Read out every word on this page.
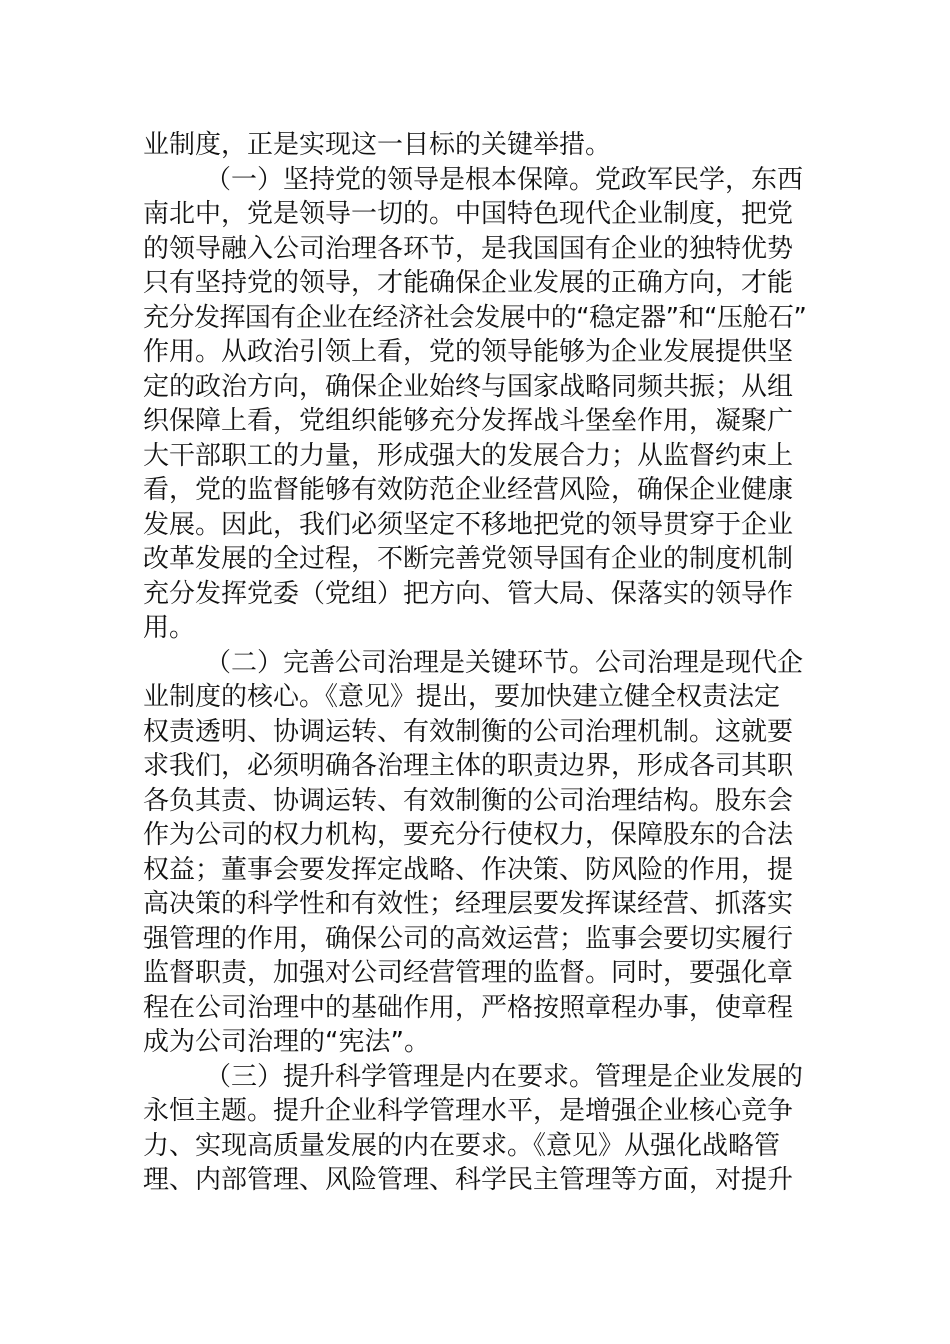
业制度，正是实现这一目标的关键举措。
（一）坚持党的领导是根本保障。党政军民学，东西
南北中，党是领导一切的。中国特色现代企业制度，把党
的领导融入公司治理各环节，是我国国有企业的独特优势
只有坚持党的领导，才能确保企业发展的正确方向，才能
充分发挥国有企业在经济社会发展中的“稳定器”和“压舱石”
作用。从政治引领上看，党的领导能够为企业发展提供坚
定的政治方向，确保企业始终与国家战略同频共振；从组
织保障上看，党组织能够充分发挥战斗堡垒作用，凝聚广
大干部职工的力量，形成强大的发展合力；从监督约束上
看，党的监督能够有效防范企业经营风险，确保企业健康
发展。因此，我们必须坚定不移地把党的领导贯穿于企业
改革发展的全过程，不断完善党领导国有企业的制度机制
充分发挥党委（党组）把方向、管大局、保落实的领导作
用。
（二）完善公司治理是关键环节。公司治理是现代企
业制度的核心。《意见》提出，要加快建立健全权责法定
权责透明、协调运转、有效制衡的公司治理机制。这就要
求我们，必须明确各治理主体的职责边界，形成各司其职
各负其责、协调运转、有效制衡的公司治理结构。股东会
作为公司的权力机构，要充分行使权力，保障股东的合法
权益；董事会要发挥定战略、作决策、防风险的作用，提
高决策的科学性和有效性；经理层要发挥谋经营、抓落实
强管理的作用，确保公司的高效运营；监事会要切实履行
监督职责，加强对公司经营管理的监督。同时，要强化章
程在公司治理中的基础作用，严格按照章程办事，使章程
成为公司治理的“宪法”。
（三）提升科学管理是内在要求。管理是企业发展的
永恒主题。提升企业科学管理水平，是增强企业核心竞争
力、实现高质量发展的内在要求。《意见》从强化战略管
理、内部管理、风险管理、科学民主管理等方面，对提升
